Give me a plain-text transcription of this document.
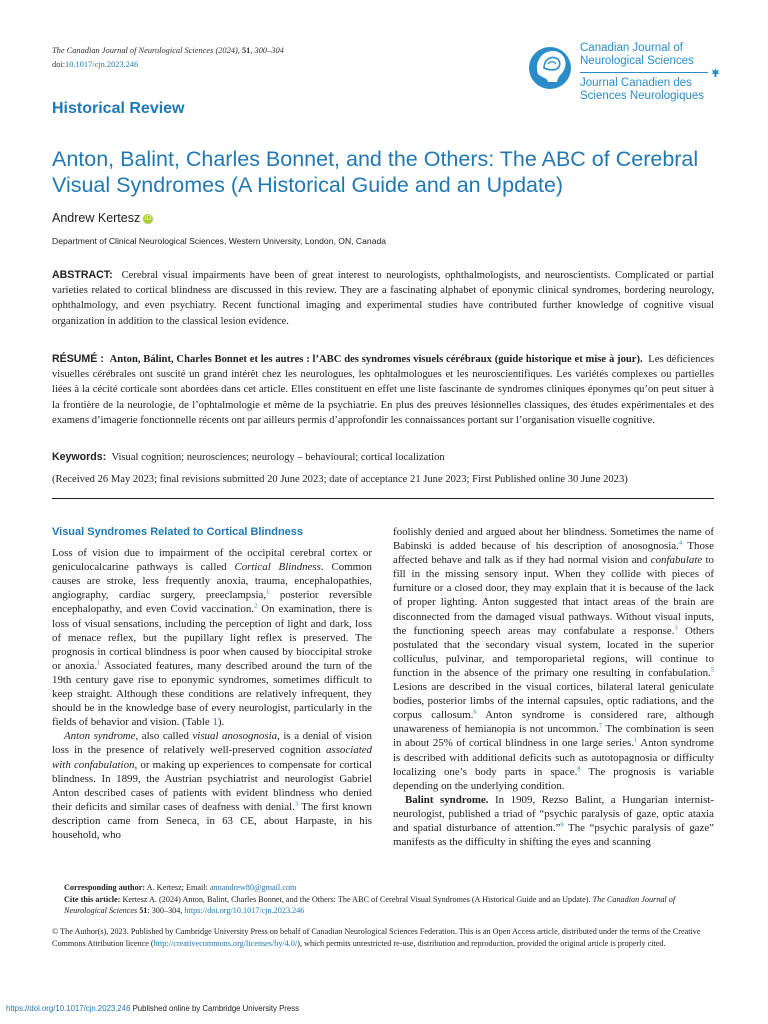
The Canadian Journal of Neurological Sciences (2024), 51, 300–304
doi:10.1017/cjn.2023.246
Canadian Journal of
Neurological Sciences
Journal Canadien des
Sciences Neurologiques
Historical Review
Anton, Balint, Charles Bonnet, and the Others: The ABC of Cerebral Visual Syndromes (A Historical Guide and an Update)
Andrew Kertesz iD
Department of Clinical Neurological Sciences, Western University, London, ON, Canada
ABSTRACT: Cerebral visual impairments have been of great interest to neurologists, ophthalmologists, and neuroscientists. Complicated or partial varieties related to cortical blindness are discussed in this review. They are a fascinating alphabet of eponymic clinical syndromes, bordering neurology, ophthalmology, and even psychiatry. Recent functional imaging and experimental studies have contributed further knowledge of cognitive visual organization in addition to the classical lesion evidence.
RÉSUMÉ : Anton, Bálint, Charles Bonnet et les autres : l’ABC des syndromes visuels cérébraux (guide historique et mise à jour). Les déficiences visuelles cérébrales ont suscité un grand intérêt chez les neurologues, les ophtalmologues et les neuroscientifiques. Les variétés complexes ou partielles liées à la cécité corticale sont abordées dans cet article. Elles constituent en effet une liste fascinante de syndromes cliniques éponymes qu’on peut situer à la frontière de la neurologie, de l’ophtalmologie et même de la psychiatrie. En plus des preuves lésionnelles classiques, des études expérimentales et des examens d’imagerie fonctionnelle récents ont par ailleurs permis d’approfondir les connaissances portant sur l’organisation visuelle cognitive.
Keywords: Visual cognition; neurosciences; neurology – behavioural; cortical localization
(Received 26 May 2023; final revisions submitted 20 June 2023; date of acceptance 21 June 2023; First Published online 30 June 2023)
Visual Syndromes Related to Cortical Blindness

Loss of vision due to impairment of the occipital cerebral cortex or geniculocalcarine pathways is called Cortical Blindness. Common causes are stroke, less frequently anoxia, trauma, encephalopathies, angiography, cardiac surgery, preeclampsia,$^1$ posterior reversible encephalopathy, and even Covid vaccination.$^2$ On examination, there is loss of visual sensations, including the perception of light and dark, loss of menace reflex, but the pupillary light reflex is preserved. The prognosis in cortical blindness is poor when caused by bioccipital stroke or anoxia.$^1$ Associated features, many described around the turn of the 19th century gave rise to eponymic syndromes, sometimes difficult to keep straight. Although these conditions are relatively infrequent, they should be in the knowledge base of every neurologist, particularly in the fields of behavior and vision. (Table 1).

Anton syndrome, also called visual anosognosia, is a denial of vision loss in the presence of relatively well-preserved cognition associated with confabulation, or making up experiences to compensate for cortical blindness. In 1899, the Austrian psychiatrist and neurologist Gabriel Anton described cases of patients with evident blindness who denied their deficits and similar cases of deafness with denial.$^3$ The first known description came from Seneca, in 63 CE, about Harpaste, in his household, who

foolishly denied and argued about her blindness. Sometimes the name of Babinski is added because of his description of anosognosia.$^4$ Those affected behave and talk as if they had normal vision and confabulate to fill in the missing sensory input. When they collide with pieces of furniture or a closed door, they may explain that it is because of the lack of proper lighting. Anton suggested that intact areas of the brain are disconnected from the damaged visual pathways. Without visual inputs, the functioning speech areas may confabulate a response.$^3$ Others postulated that the secondary visual system, located in the superior colliculus, pulvinar, and temporoparietal regions, will continue to function in the absence of the primary one resulting in confabulation.$^5$ Lesions are described in the visual cortices, bilateral lateral geniculate bodies, posterior limbs of the internal capsules, optic radiations, and the corpus callosum.$^6$ Anton syndrome is considered rare, although unawareness of hemianopia is not uncommon.$^7$ The combination is seen in about 25% of cortical blindness in one large series.$^1$ Anton syndrome is described with additional deficits such as autotopagnosia or difficulty localizing one’s body parts in space.$^8$ The prognosis is variable depending on the underlying condition.

Balint syndrome. In 1909, Rezso Balint, a Hungarian internist-neurologist, published a triad of “psychic paralysis of gaze, optic ataxia and spatial disturbance of attention.”$^9$ The “psychic paralysis of gaze” manifests as the difficulty in shifting the eyes and scanning

Corresponding author: A. Kertesz; Email: annandrew80@gmail.com
Cite this article: Kertesz A. (2024) Anton, Balint, Charles Bonnet, and the Others: The ABC of Cerebral Visual Syndromes (A Historical Guide and an Update). The Canadian Journal of Neurological Sciences 51: 300–304, https://doi.org/10.1017/cjn.2023.246
© The Author(s), 2023. Published by Cambridge University Press on behalf of Canadian Neurological Sciences Federation. This is an Open Access article, distributed under the terms of the Creative Commons Attribution licence (http://creativecommons.org/licenses/by/4.0/), which permits unrestricted re-use, distribution and reproduction, provided the original article is properly cited.
https://doi.org/10.1017/cjn.2023.246 Published online by Cambridge University Press
